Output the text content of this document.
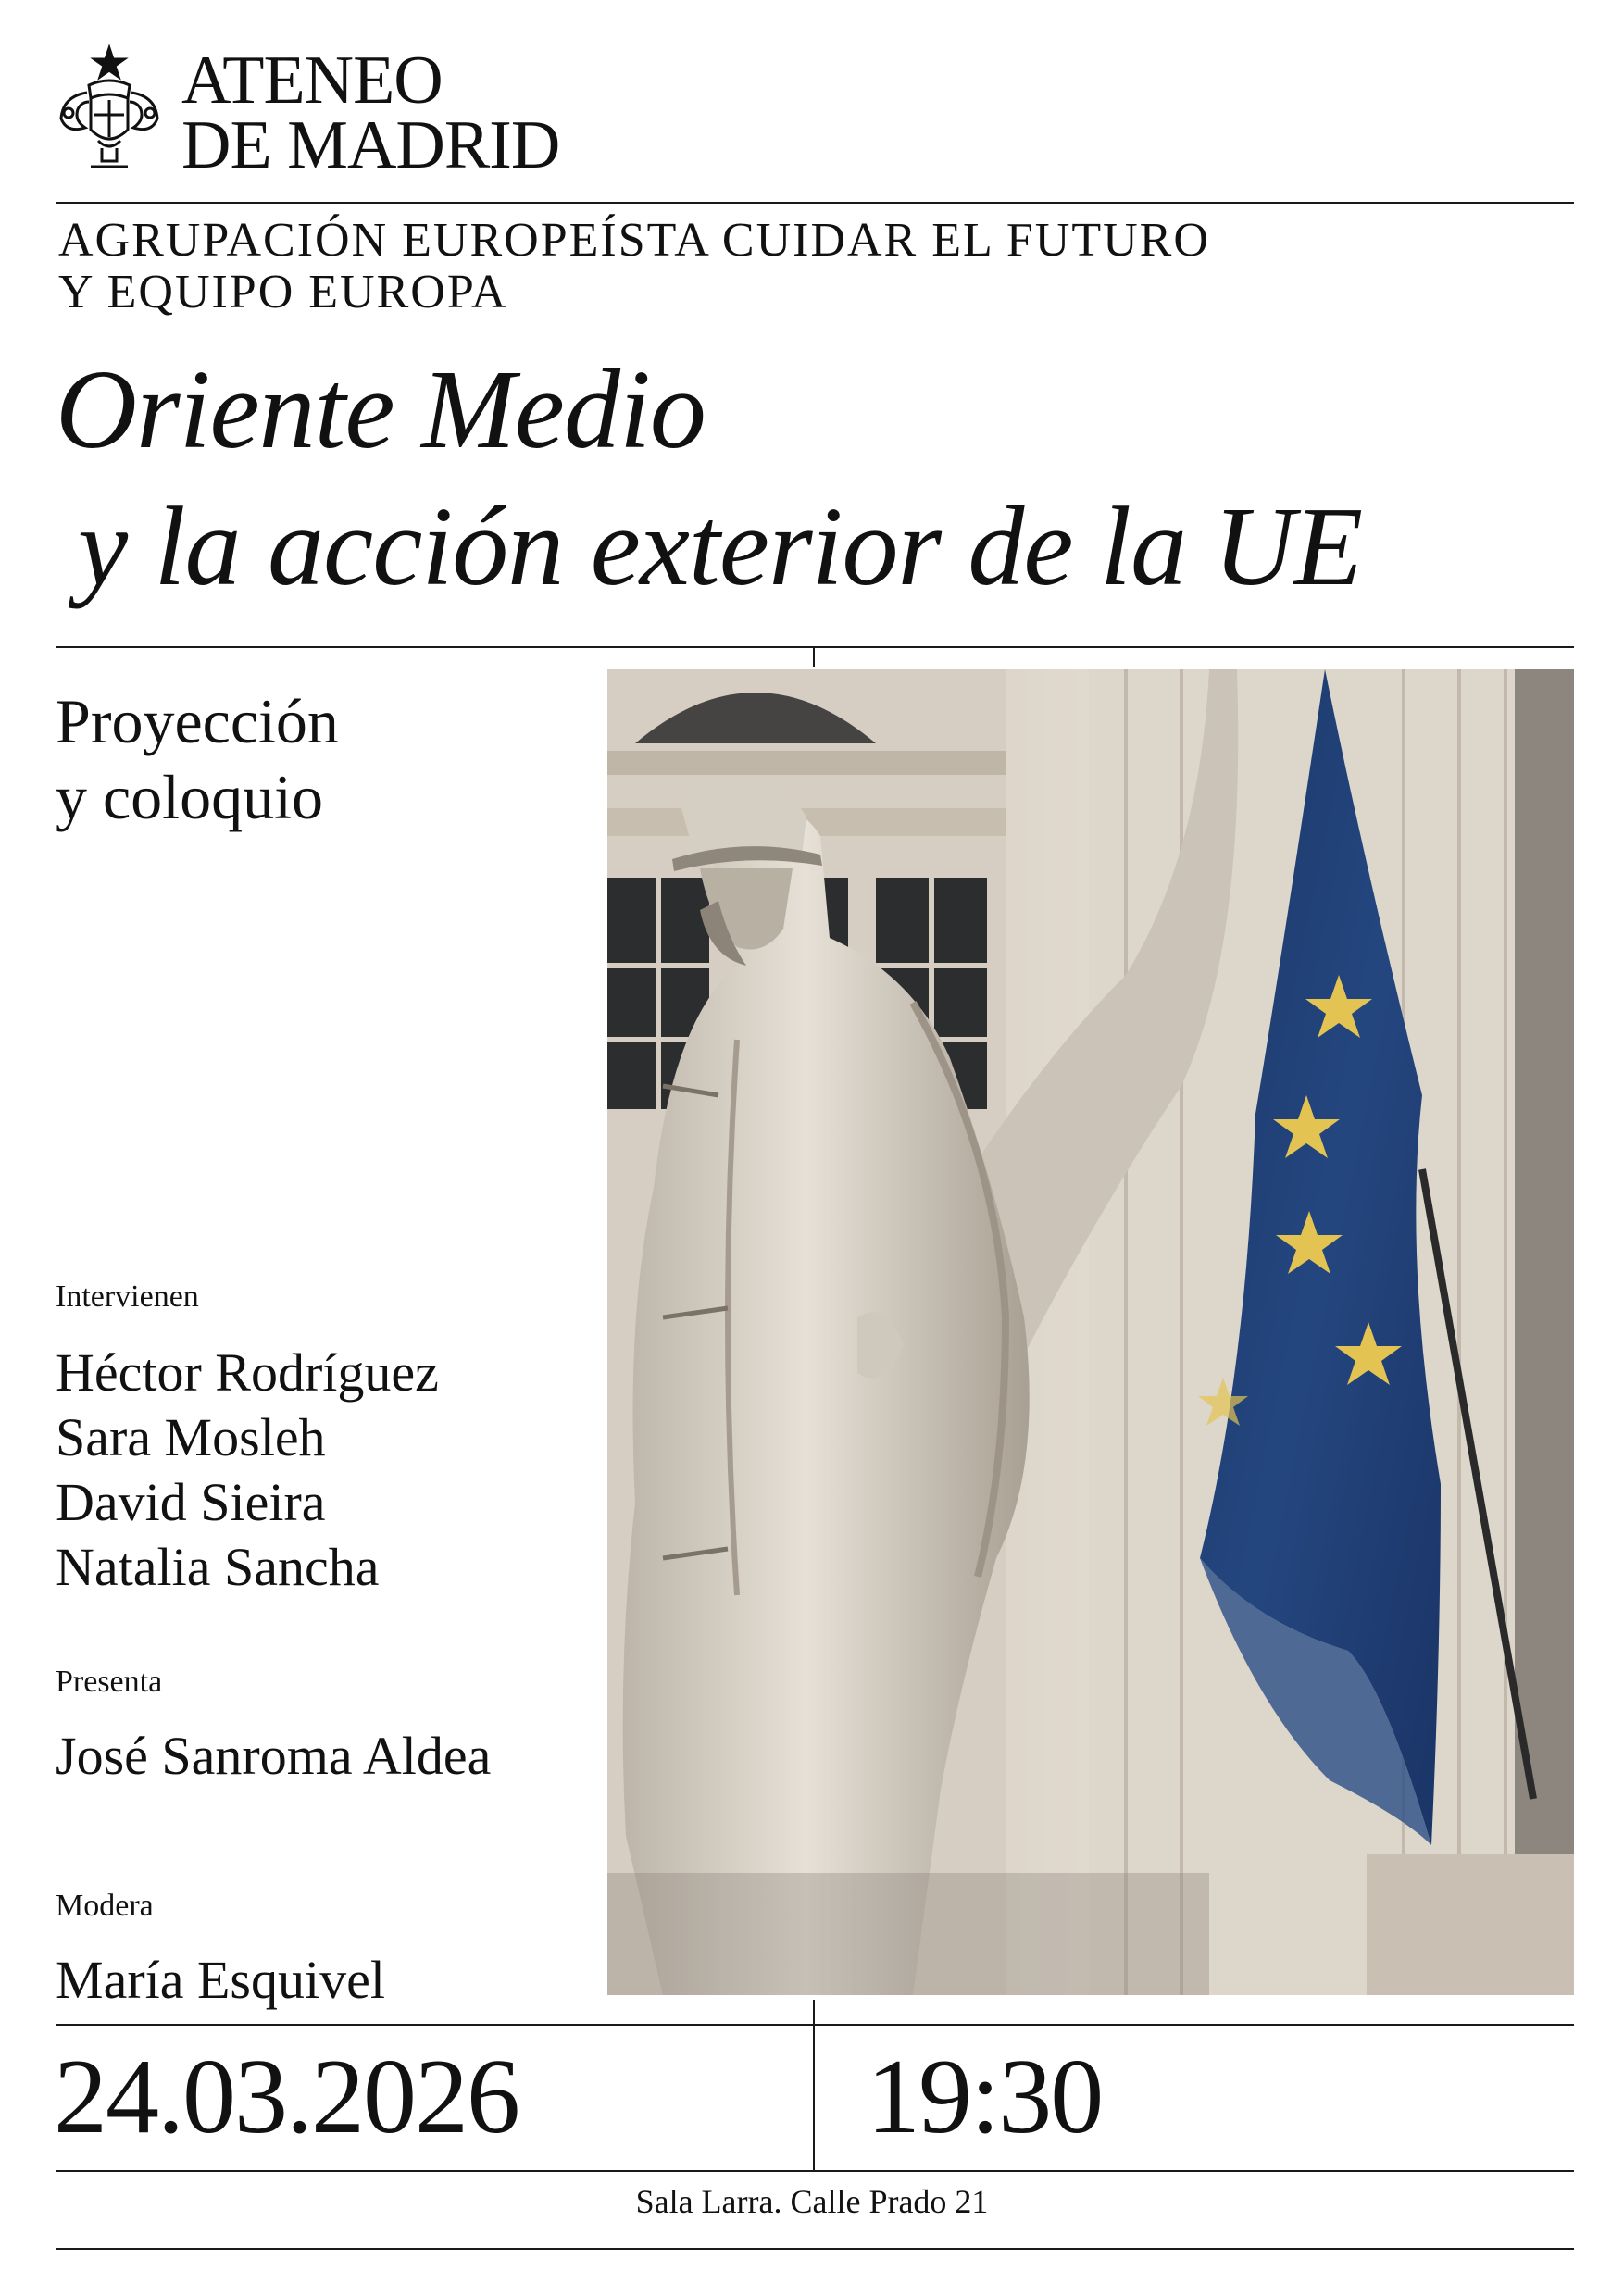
ATENEO
DE MADRID
AGRUPACIÓN EUROPEÍSTA CUIDAR EL FUTURO
Y EQUIPO EUROPA
Oriente Medio
y la acción exterior de la UE
Proyección
y coloquio
Intervienen
Héctor Rodríguez
Sara Mosleh
David Sieira
Natalia Sancha
Presenta
José Sanroma Aldea
Modera
María Esquivel
24.03.2026	19:30
Sala Larra. Calle Prado 21
